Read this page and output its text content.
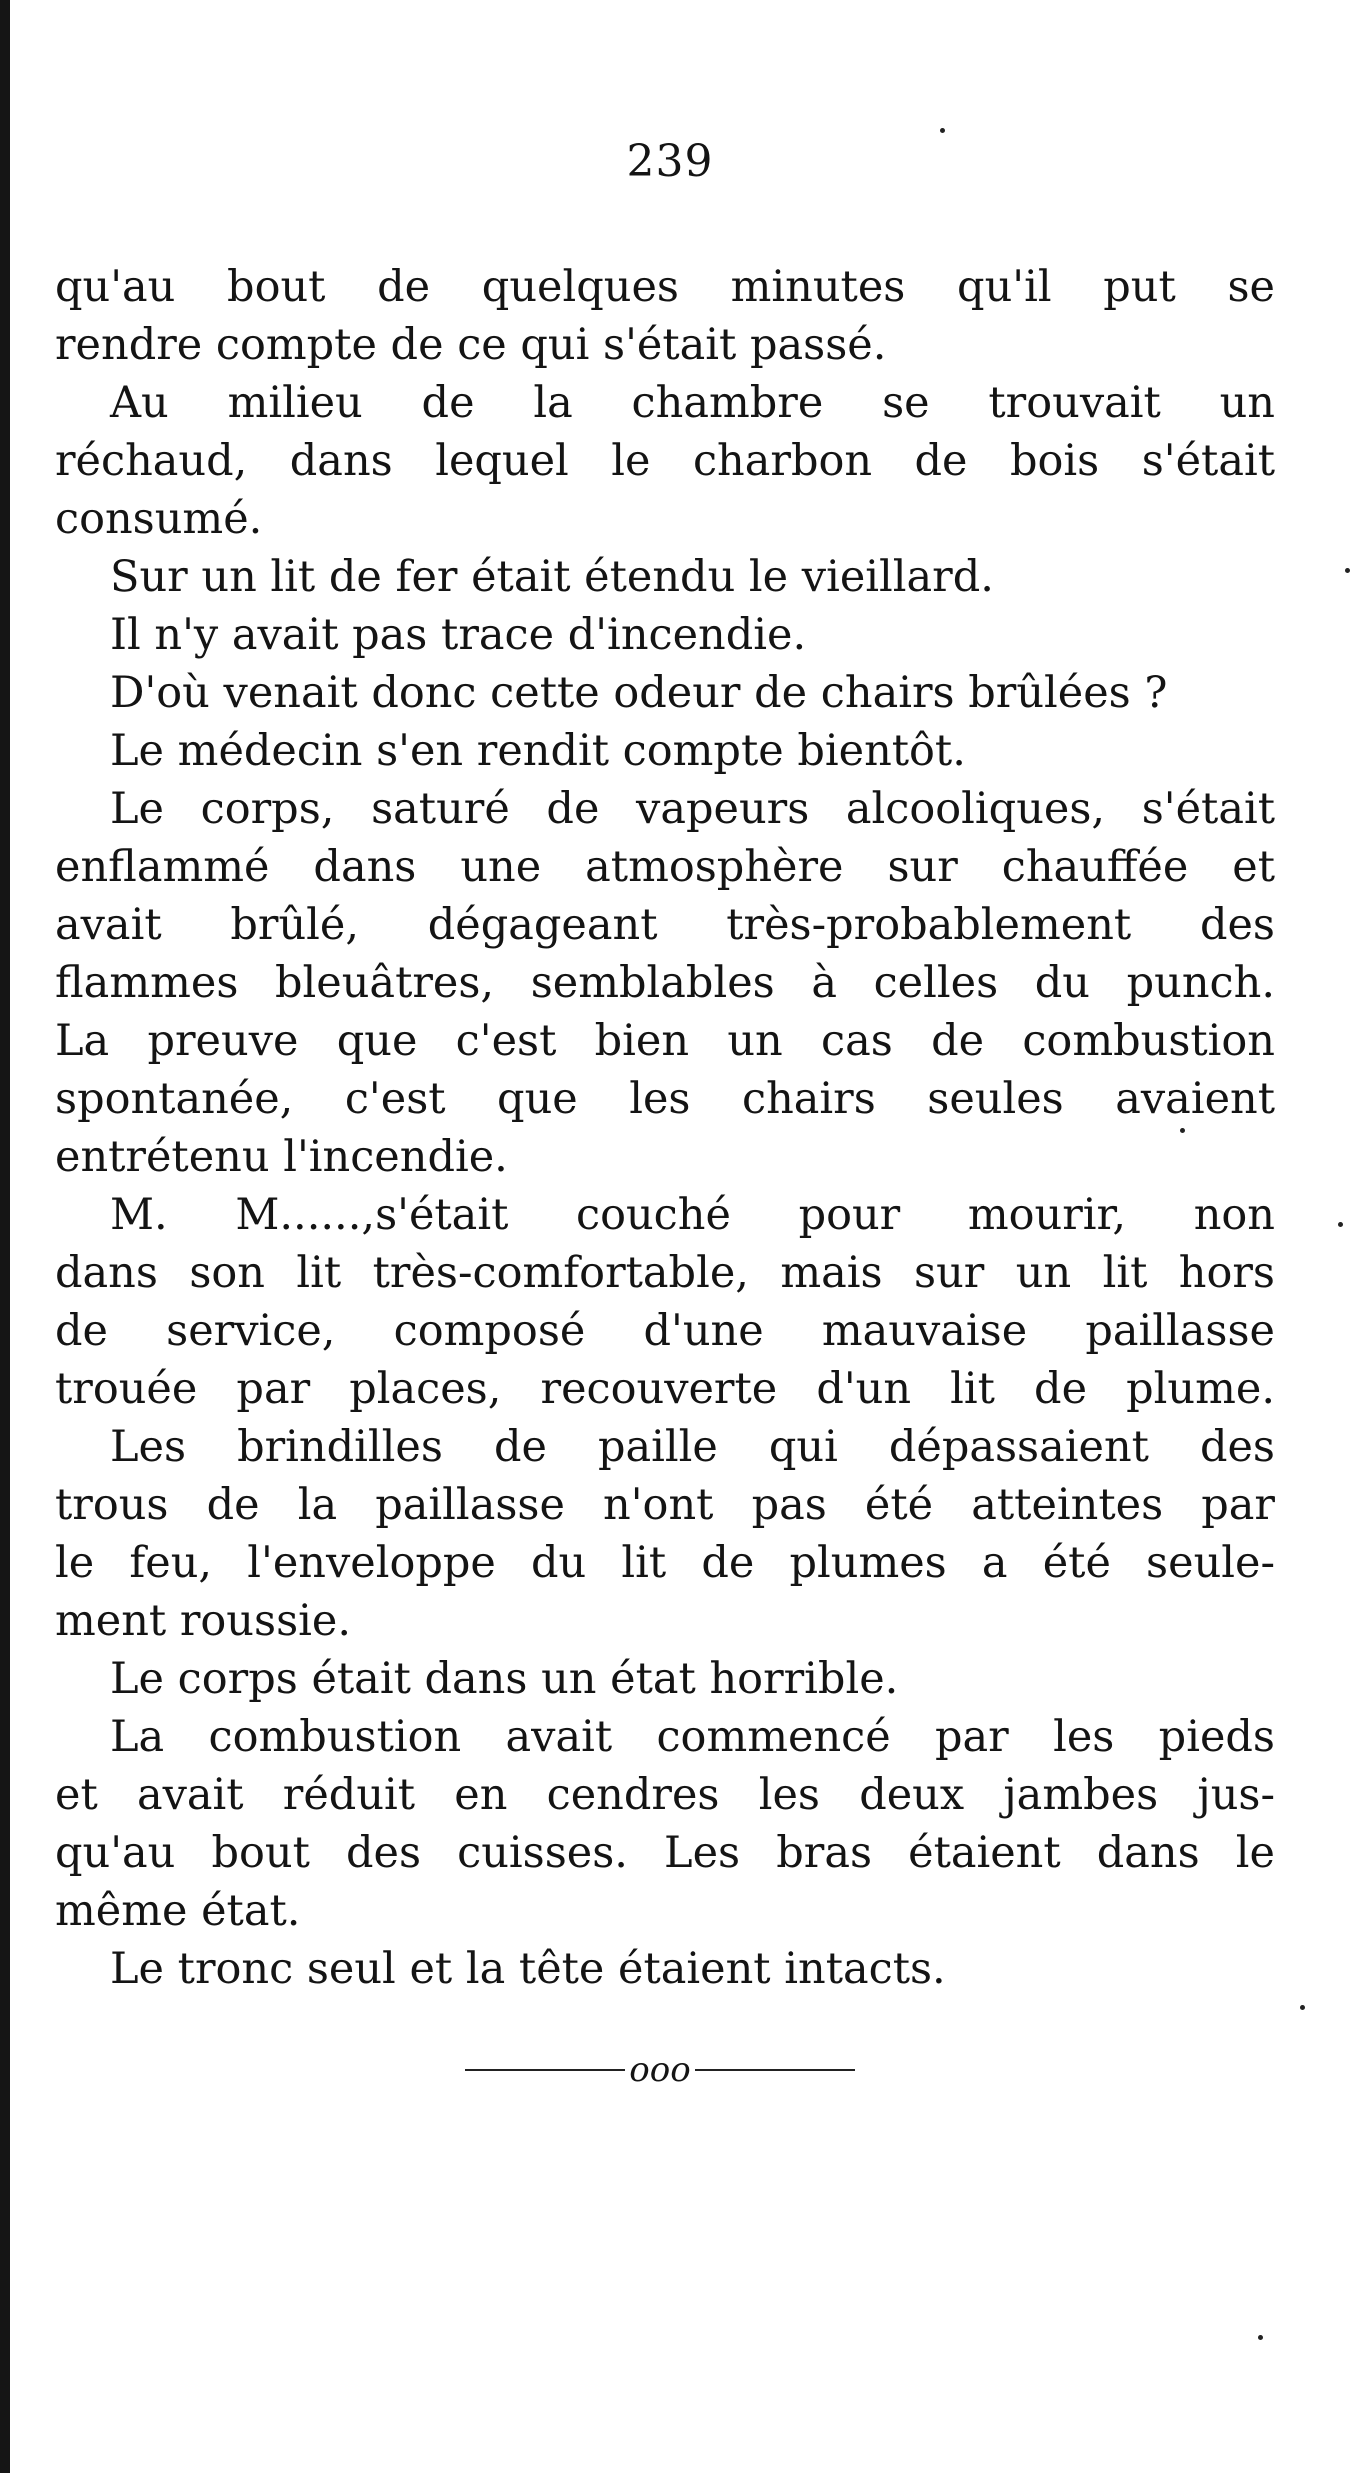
239
qu'au bout de quelques minutes qu'il put se
rendre compte de ce qui s'était passé.
Au milieu de la chambre se trouvait un
réchaud, dans lequel le charbon de bois s'était
consumé.
Sur un lit de fer était étendu le vieillard.
Il n'y avait pas trace d'incendie.
D'où venait donc cette odeur de chairs brûlées ?
Le médecin s'en rendit compte bientôt.
Le corps, saturé de vapeurs alcooliques, s'était
enflammé dans une atmosphère sur chauffée et
avait brûlé, dégageant très-probablement des
flammes bleuâtres, semblables à celles du punch.
La preuve que c'est bien un cas de combustion
spontanée, c'est que les chairs seules avaient
entrétenu l'incendie.
M. M......,s'était couché pour mourir, non
dans son lit très-comfortable, mais sur un lit hors
de service, composé d'une mauvaise paillasse
trouée par places, recouverte d'un lit de plume.
Les brindilles de paille qui dépassaient des
trous de la paillasse n'ont pas été atteintes par
le feu, l'enveloppe du lit de plumes a été seule-
ment roussie.
Le corps était dans un état horrible.
La combustion avait commencé par les pieds
et avait réduit en cendres les deux jambes jus-
qu'au bout des cuisses. Les bras étaient dans le
même état.
Le tronc seul et la tête étaient intacts.
ooo
